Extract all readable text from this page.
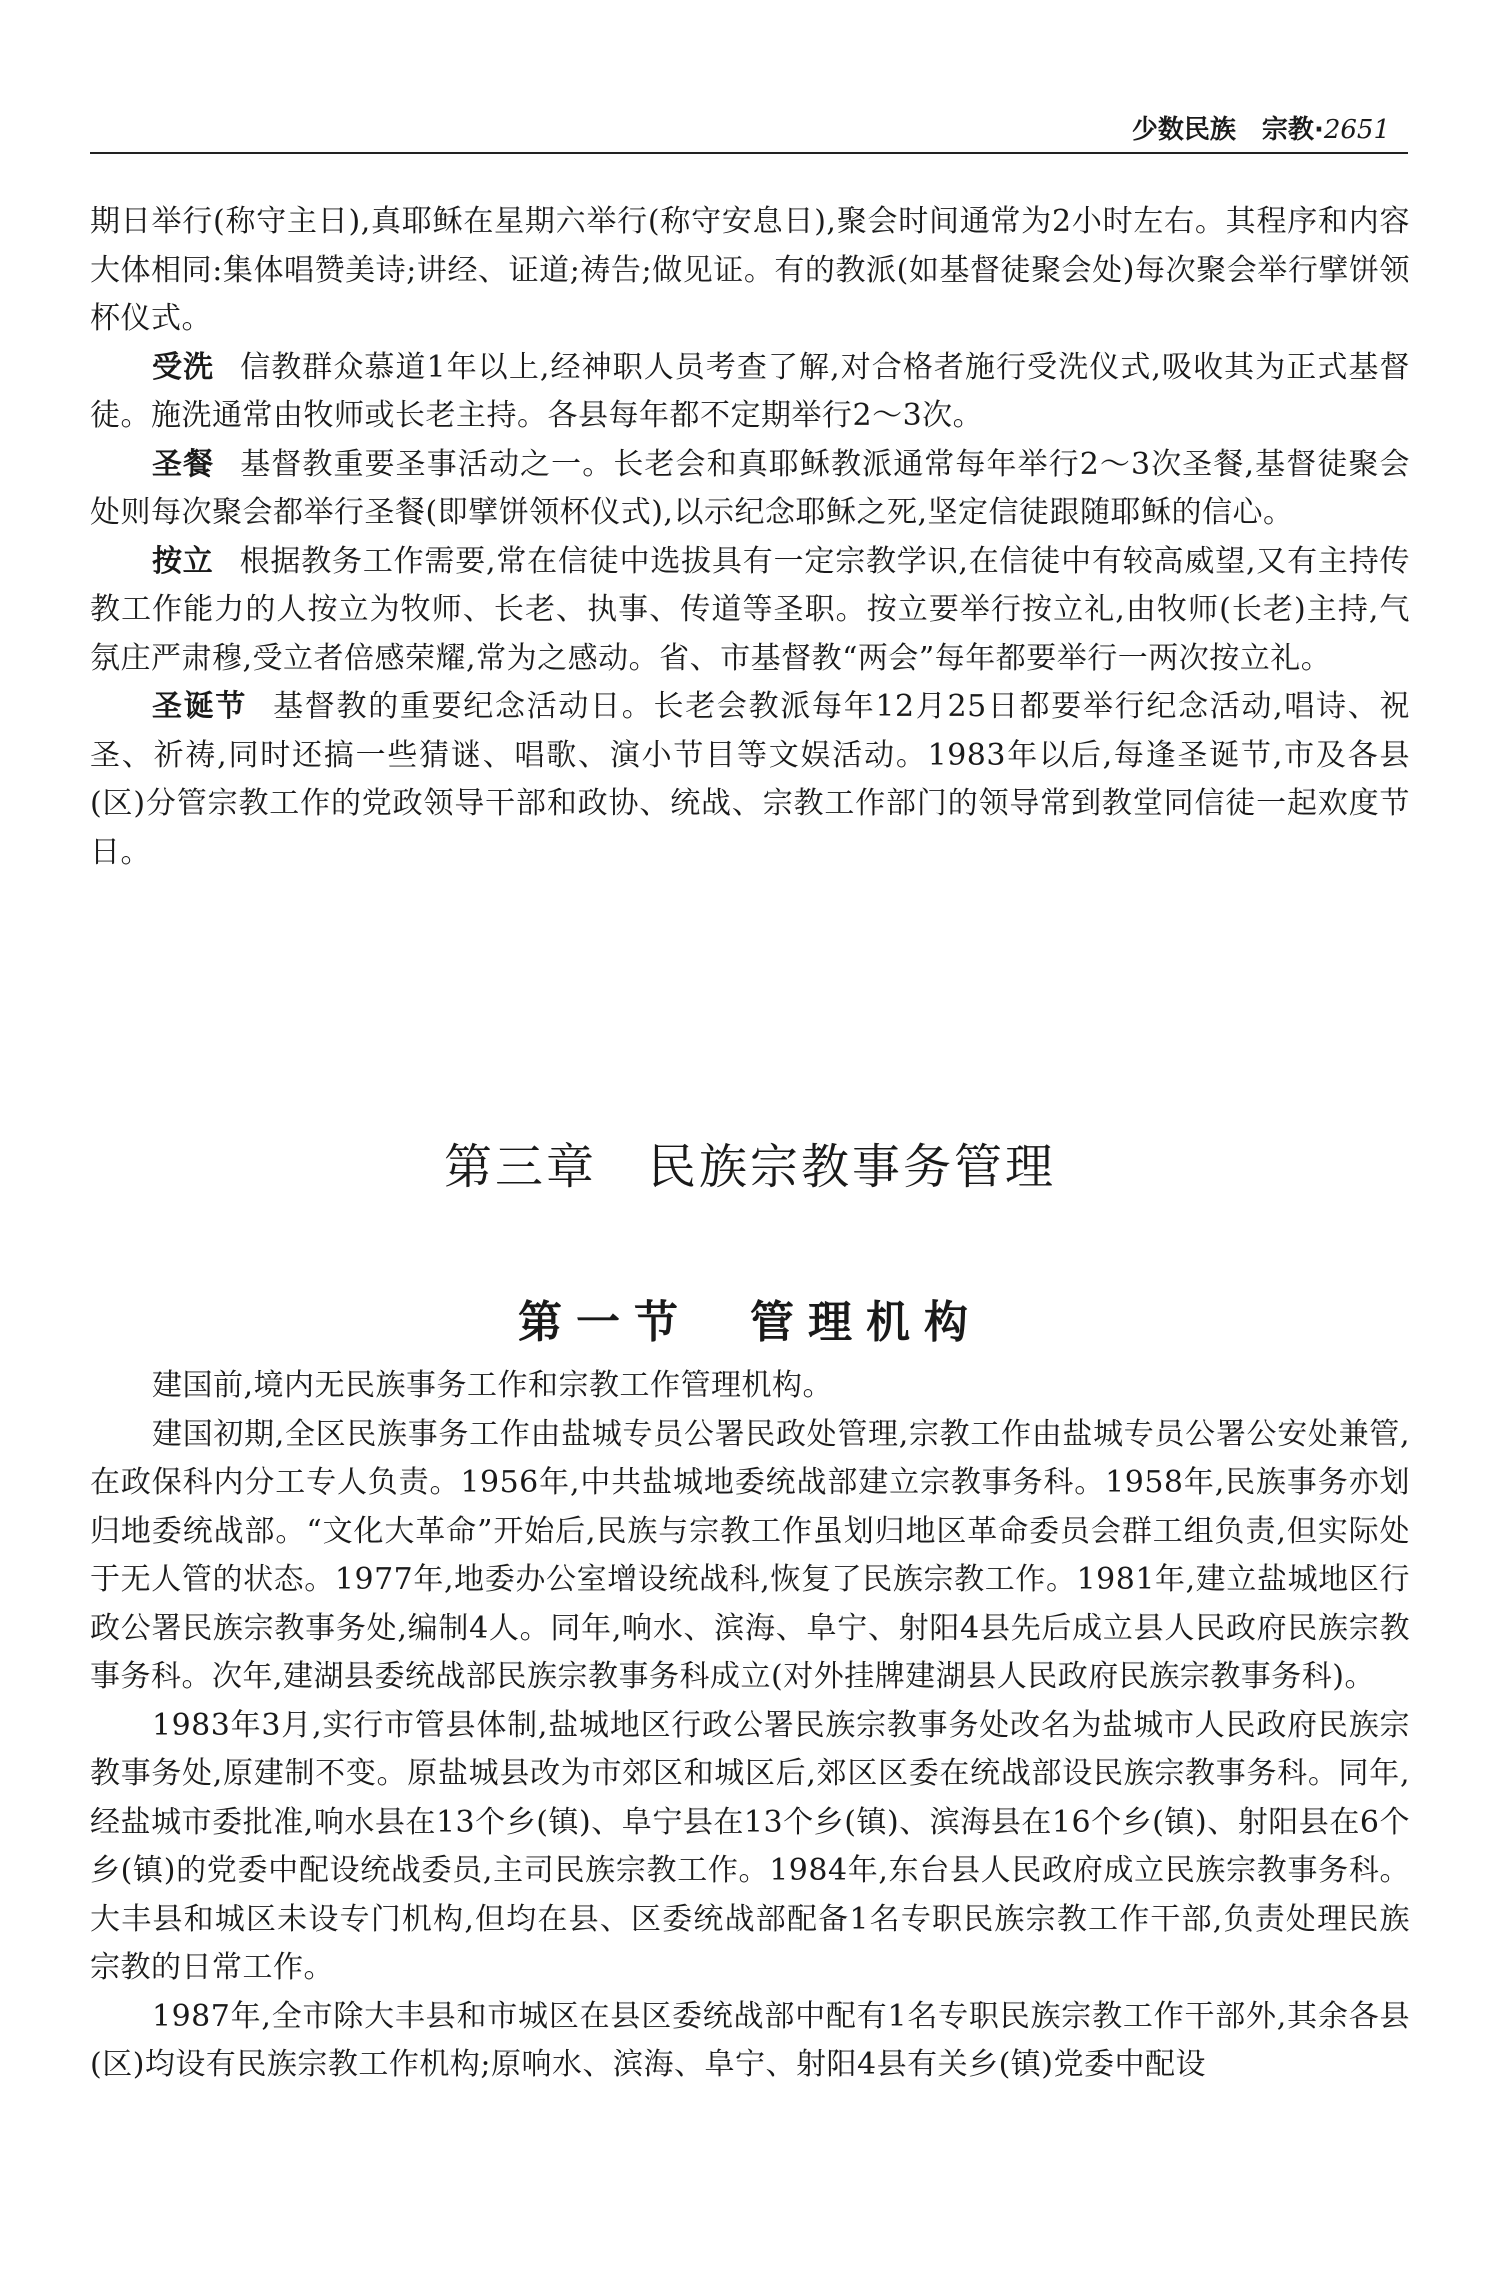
少数民族　宗教·2651

期日举行(称守主日),真耶稣在星期六举行(称守安息日),聚会时间通常为2小时左右。其程序和内容大体相同:集体唱赞美诗;讲经、证道;祷告;做见证。有的教派(如基督徒聚会处)每次聚会举行擘饼领杯仪式。

受洗 信教群众慕道1年以上,经神职人员考查了解,对合格者施行受洗仪式,吸收其为正式基督徒。施洗通常由牧师或长老主持。各县每年都不定期举行2～3次。

圣餐 基督教重要圣事活动之一。长老会和真耶稣教派通常每年举行2～3次圣餐,基督徒聚会处则每次聚会都举行圣餐(即擘饼领杯仪式),以示纪念耶稣之死,坚定信徒跟随耶稣的信心。

按立 根据教务工作需要,常在信徒中选拔具有一定宗教学识,在信徒中有较高威望,又有主持传教工作能力的人按立为牧师、长老、执事、传道等圣职。按立要举行按立礼,由牧师(长老)主持,气氛庄严肃穆,受立者倍感荣耀,常为之感动。省、市基督教“两会”每年都要举行一两次按立礼。

圣诞节 基督教的重要纪念活动日。长老会教派每年12月25日都要举行纪念活动,唱诗、祝圣、祈祷,同时还搞一些猜谜、唱歌、演小节目等文娱活动。1983年以后,每逢圣诞节,市及各县(区)分管宗教工作的党政领导干部和政协、统战、宗教工作部门的领导常到教堂同信徒一起欢度节日。

第三章　民族宗教事务管理
第一节　管理机构

建国前,境内无民族事务工作和宗教工作管理机构。

建国初期,全区民族事务工作由盐城专员公署民政处管理,宗教工作由盐城专员公署公安处兼管,在政保科内分工专人负责。1956年,中共盐城地委统战部建立宗教事务科。1958年,民族事务亦划归地委统战部。“文化大革命”开始后,民族与宗教工作虽划归地区革命委员会群工组负责,但实际处于无人管的状态。1977年,地委办公室增设统战科,恢复了民族宗教工作。1981年,建立盐城地区行政公署民族宗教事务处,编制4人。同年,响水、滨海、阜宁、射阳4县先后成立县人民政府民族宗教事务科。次年,建湖县委统战部民族宗教事务科成立(对外挂牌建湖县人民政府民族宗教事务科)。

1983年3月,实行市管县体制,盐城地区行政公署民族宗教事务处改名为盐城市人民政府民族宗教事务处,原建制不变。原盐城县改为市郊区和城区后,郊区区委在统战部设民族宗教事务科。同年,经盐城市委批准,响水县在13个乡(镇)、阜宁县在13个乡(镇)、滨海县在16个乡(镇)、射阳县在6个乡(镇)的党委中配设统战委员,主司民族宗教工作。1984年,东台县人民政府成立民族宗教事务科。大丰县和城区未设专门机构,但均在县、区委统战部配备1名专职民族宗教工作干部,负责处理民族宗教的日常工作。

1987年,全市除大丰县和市城区在县区委统战部中配有1名专职民族宗教工作干部外,其余各县(区)均设有民族宗教工作机构;原响水、滨海、阜宁、射阳4县有关乡(镇)党委中配设
